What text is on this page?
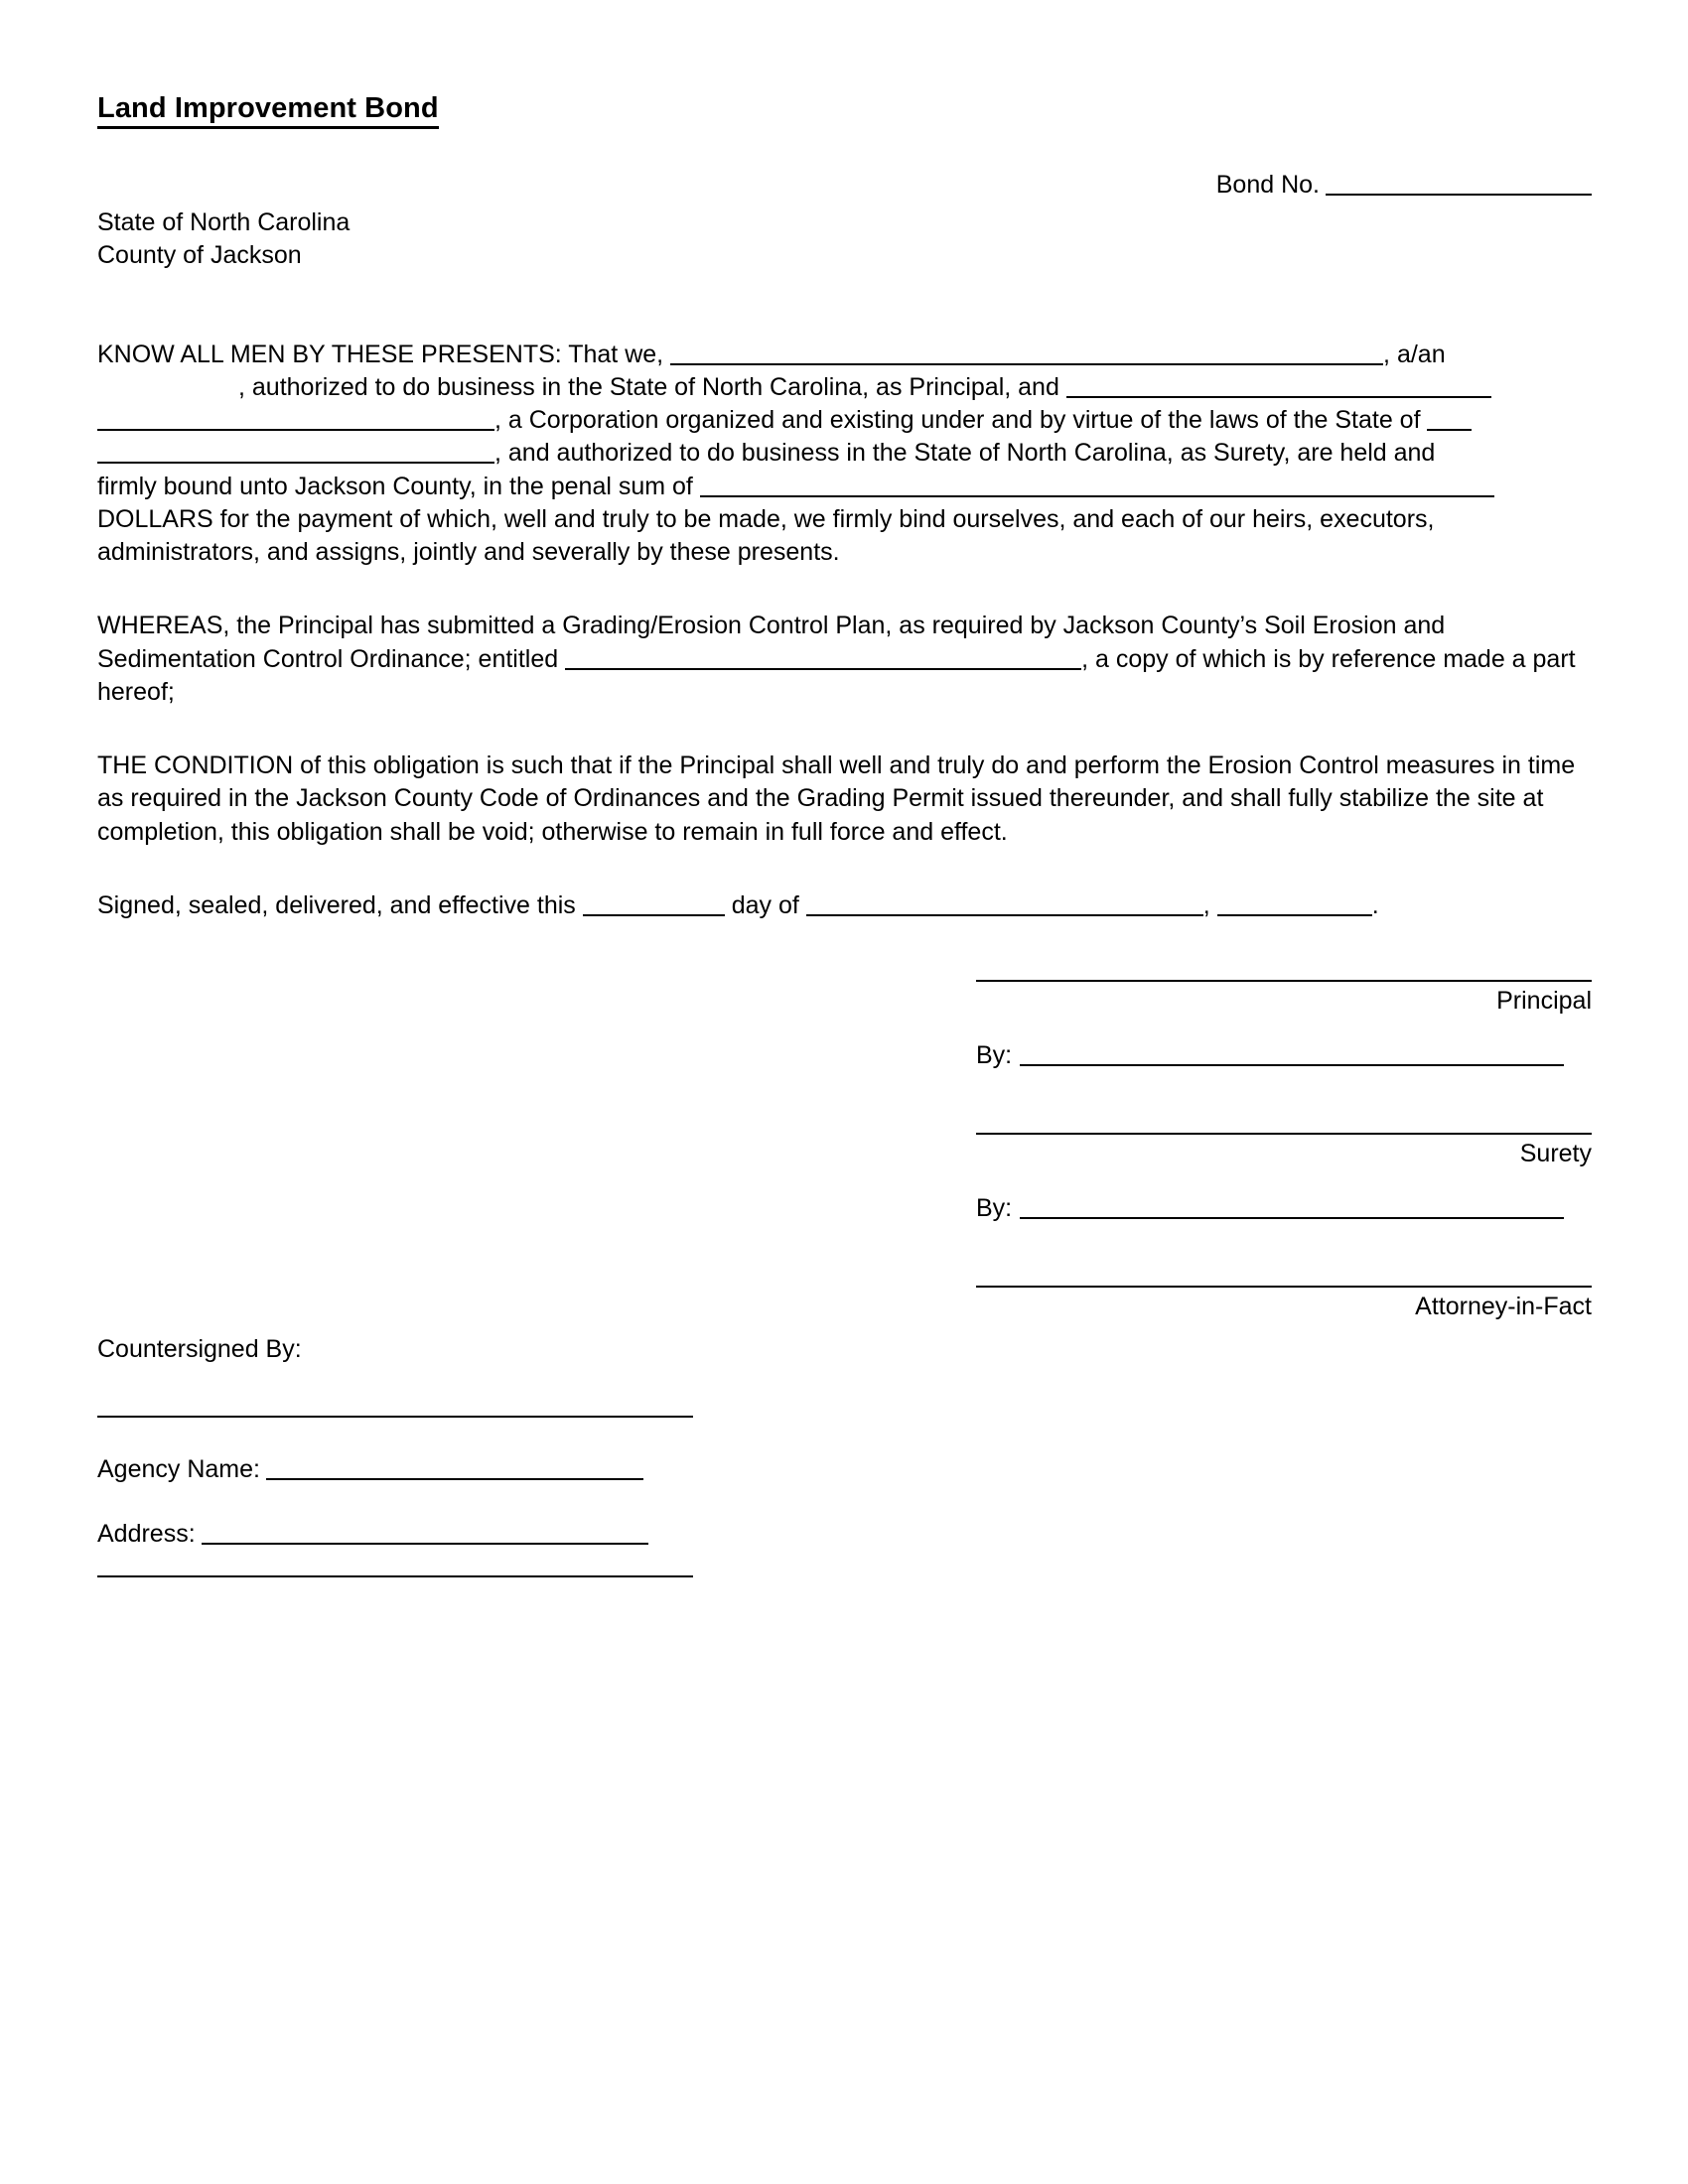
Land Improvement Bond
Bond No.
State of North Carolina
County of Jackson
KNOW ALL MEN BY THESE PRESENTS: That we,	, a/an
, authorized to do business in the State of North Carolina, as Principal, and
, a Corporation organized and existing under and by virtue of the laws of the State of
, and authorized to do business in the State of North Carolina, as Surety, are held and
firmly bound unto Jackson County, in the penal sum of
DOLLARS for the payment of which, well and truly to be made, we firmly bind ourselves, and each of our heirs, executors, administrators, and assigns, jointly and severally by these presents.
WHEREAS, the Principal has submitted a Grading/Erosion Control Plan, as required by Jackson County’s Soil Erosion and Sedimentation Control Ordinance; entitled	, a copy of which is by reference made a part hereof;
THE CONDITION of this obligation is such that if the Principal shall well and truly do and perform the Erosion Control measures in time as required in the Jackson County Code of Ordinances and the Grading Permit issued thereunder, and shall fully stabilize the site at completion, this obligation shall be void; otherwise to remain in full force and effect.
Signed, sealed, delivered, and effective this	day of	,	.
Principal
By:
Surety
By:
Attorney-in-Fact
Countersigned By:
Agency Name:
Address:
